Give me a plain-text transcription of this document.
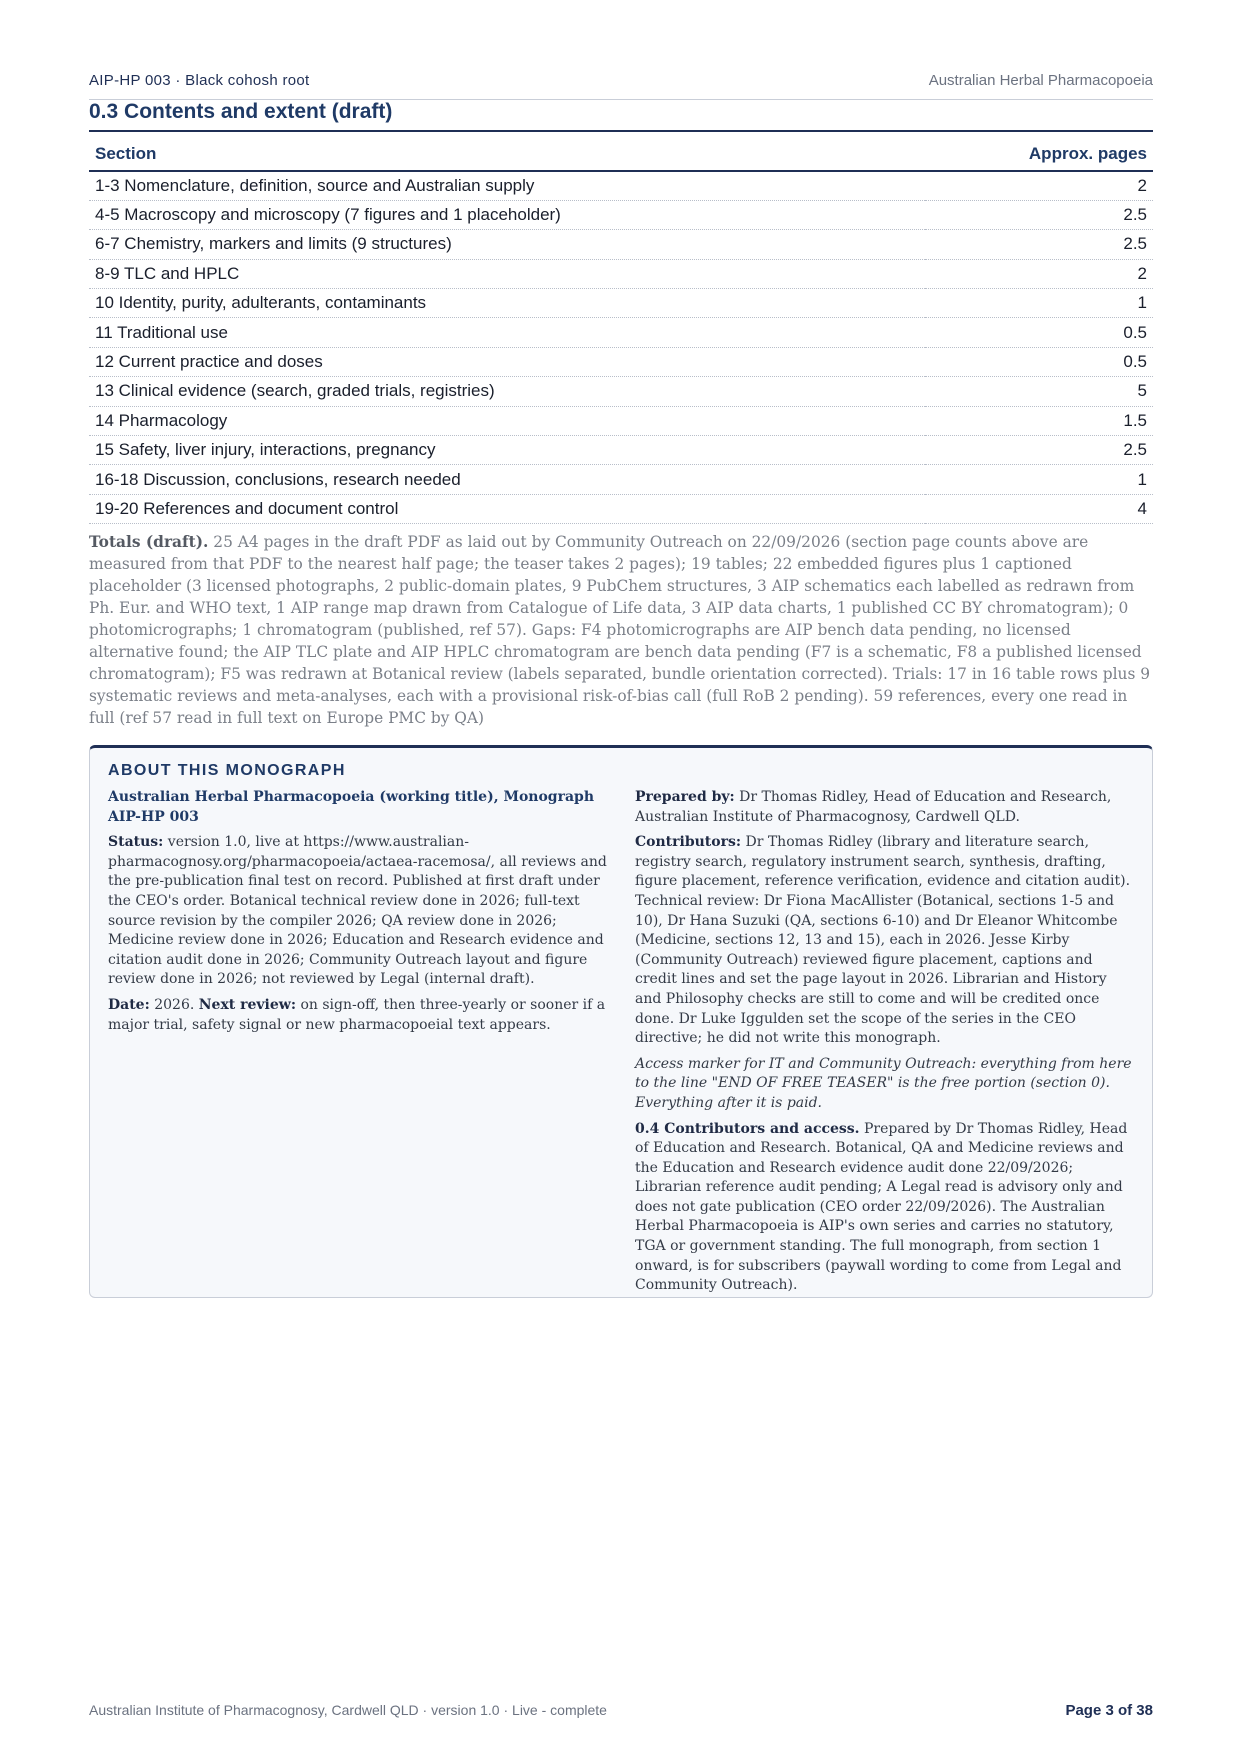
AIP-HP 003 · Black cohosh root	Australian Herbal Pharmacopoeia
0.3 Contents and extent (draft)
Section	Approx. pages
1-3 Nomenclature, definition, source and Australian supply	2
4-5 Macroscopy and microscopy (7 figures and 1 placeholder)	2.5
6-7 Chemistry, markers and limits (9 structures)	2.5
8-9 TLC and HPLC	2
10 Identity, purity, adulterants, contaminants	1
11 Traditional use	0.5
12 Current practice and doses	0.5
13 Clinical evidence (search, graded trials, registries)	5
14 Pharmacology	1.5
15 Safety, liver injury, interactions, pregnancy	2.5
16-18 Discussion, conclusions, research needed	1
19-20 References and document control	4

Totals (draft). 25 A4 pages in the draft PDF as laid out by Community Outreach on 22/09/2026 (section page counts above are measured from that PDF to the nearest half page; the teaser takes 2 pages); 19 tables; 22 embedded figures plus 1 captioned placeholder (3 licensed photographs, 2 public-domain plates, 9 PubChem structures, 3 AIP schematics each labelled as redrawn from Ph. Eur. and WHO text, 1 AIP range map drawn from Catalogue of Life data, 3 AIP data charts, 1 published CC BY chromatogram); 0 photomicrographs; 1 chromatogram (published, ref 57). Gaps: F4 photomicrographs are AIP bench data pending, no licensed alternative found; the AIP TLC plate and AIP HPLC chromatogram are bench data pending (F7 is a schematic, F8 a published licensed chromatogram); F5 was redrawn at Botanical review (labels separated, bundle orientation corrected). Trials: 17 in 16 table rows plus 9 systematic reviews and meta-analyses, each with a provisional risk-of-bias call (full RoB 2 pending). 59 references, every one read in full (ref 57 read in full text on Europe PMC by QA)

ABOUT THIS MONOGRAPH

Australian Herbal Pharmacopoeia (working title), Monograph AIP-HP 003

Status: version 1.0, live at https://www.australian-pharmacognosy.org/pharmacopoeia/actaea-racemosa/, all reviews and the pre-publication final test on record. Published at first draft under the CEO's order. Botanical technical review done in 2026; full-text source revision by the compiler 2026; QA review done in 2026; Medicine review done in 2026; Education and Research evidence and citation audit done in 2026; Community Outreach layout and figure review done in 2026; not reviewed by Legal (internal draft).

Date: 2026. Next review: on sign-off, then three-yearly or sooner if a major trial, safety signal or new pharmacopoeial text appears.

Prepared by: Dr Thomas Ridley, Head of Education and Research, Australian Institute of Pharmacognosy, Cardwell QLD.

Contributors: Dr Thomas Ridley (library and literature search, registry search, regulatory instrument search, synthesis, drafting, figure placement, reference verification, evidence and citation audit). Technical review: Dr Fiona MacAllister (Botanical, sections 1-5 and 10), Dr Hana Suzuki (QA, sections 6-10) and Dr Eleanor Whitcombe (Medicine, sections 12, 13 and 15), each in 2026. Jesse Kirby (Community Outreach) reviewed figure placement, captions and credit lines and set the page layout in 2026. Librarian and History and Philosophy checks are still to come and will be credited once done. Dr Luke Iggulden set the scope of the series in the CEO directive; he did not write this monograph.

Access marker for IT and Community Outreach: everything from here to the line "END OF FREE TEASER" is the free portion (section 0). Everything after it is paid.

0.4 Contributors and access. Prepared by Dr Thomas Ridley, Head of Education and Research. Botanical, QA and Medicine reviews and the Education and Research evidence audit done 22/09/2026; Librarian reference audit pending; A Legal read is advisory only and does not gate publication (CEO order 22/09/2026). The Australian Herbal Pharmacopoeia is AIP's own series and carries no statutory, TGA or government standing. The full monograph, from section 1 onward, is for subscribers (paywall wording to come from Legal and Community Outreach).

Australian Institute of Pharmacognosy, Cardwell QLD · version 1.0 · Live - complete	Page 3 of 38
